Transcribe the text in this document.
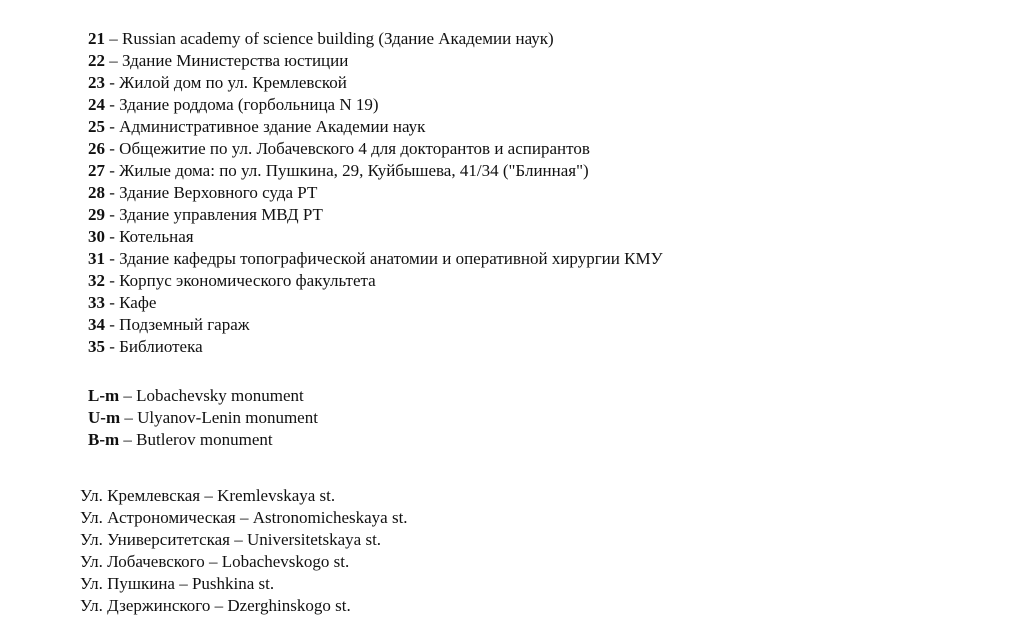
21 – Russian academy of science building (Здание Академии наук)
22 – Здание Министерства юстиции
23 - Жилой дом по ул. Кремлевской
24 - Здание роддома (горбольница N 19)
25 - Административное здание Академии наук
26 - Общежитие по ул. Лобачевского 4 для докторантов и аспирантов
27 - Жилые дома: по ул. Пушкина, 29, Куйбышева, 41/34 ("Блинная")
28 - Здание Верховного суда РТ
29 - Здание управления МВД РТ
30 - Котельная
31 - Здание кафедры топографической анатомии и оперативной хирургии КМУ
32 - Корпус экономического факультета
33 - Кафе
34 - Подземный гараж
35 - Библиотека
L-m – Lobachevsky monument
U-m – Ulyanov-Lenin monument
B-m – Butlerov monument
Ул. Кремлевская – Kremlevskaya st.
Ул. Астрономическая – Astronomicheskaya st.
Ул. Университетская – Universitetskaya st.
Ул. Лобачевского – Lobachevskogo st.
Ул. Пушкина – Pushkina st.
Ул. Дзержинского – Dzerghinskogo st.
